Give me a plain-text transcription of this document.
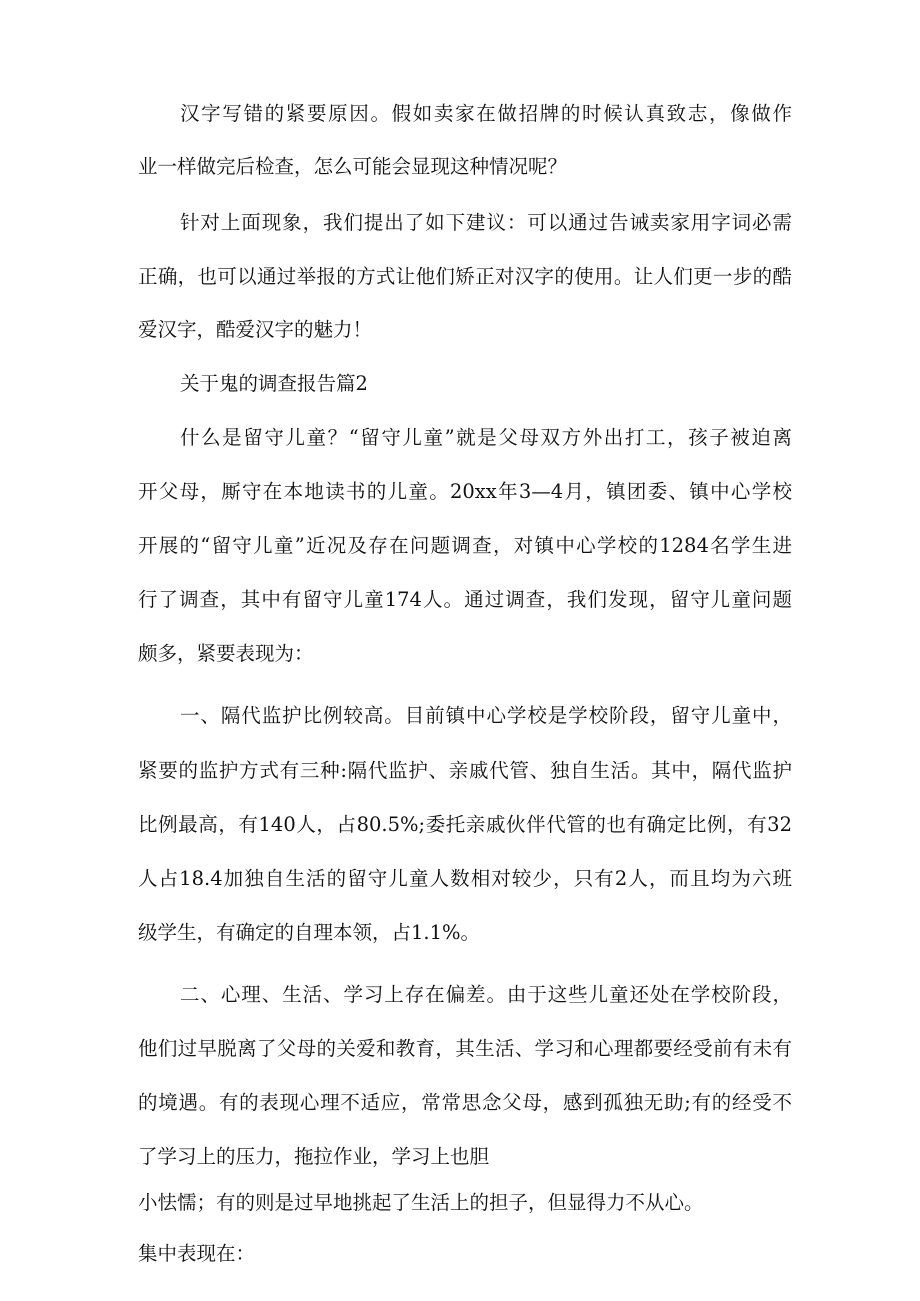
汉字写错的紧要原因。假如卖家在做招牌的时候认真致志，像做作

业一样做完后检查，怎么可能会显现这种情况呢？

针对上面现象，我们提出了如下建议：可以通过告诫卖家用字词必需

正确，也可以通过举报的方式让他们矫正对汉字的使用。让人们更一步的酷

爱汉字，酷爱汉字的魅力！

关于鬼的调查报告篇2

什么是留守儿童？“留守儿童”就是父母双方外出打工，孩子被迫离

开父母，厮守在本地读书的儿童。20xx年3—4月，镇团委、镇中心学校

开展的“留守儿童”近况及存在问题调查，对镇中心学校的1284名学生进

行了调查，其中有留守儿童174人。通过调查，我们发现，留守儿童问题

颇多，紧要表现为：

一、隔代监护比例较高。目前镇中心学校是学校阶段，留守儿童中，

紧要的监护方式有三种:隔代监护、亲戚代管、独自生活。其中，隔代监护

比例最高，有140人，占80.5%;委托亲戚伙伴代管的也有确定比例，有32

人占18.4加独自生活的留守儿童人数相对较少，只有2人，而且均为六班

级学生，有确定的自理本领，占1.1%。

二、心理、生活、学习上存在偏差。由于这些儿童还处在学校阶段，

他们过早脱离了父母的关爱和教育，其生活、学习和心理都要经受前有未有

的境遇。有的表现心理不适应，常常思念父母，感到孤独无助;有的经受不

了学习上的压力，拖拉作业，学习上也胆

小怯懦；有的则是过早地挑起了生活上的担子，但显得力不从心。

集中表现在：
